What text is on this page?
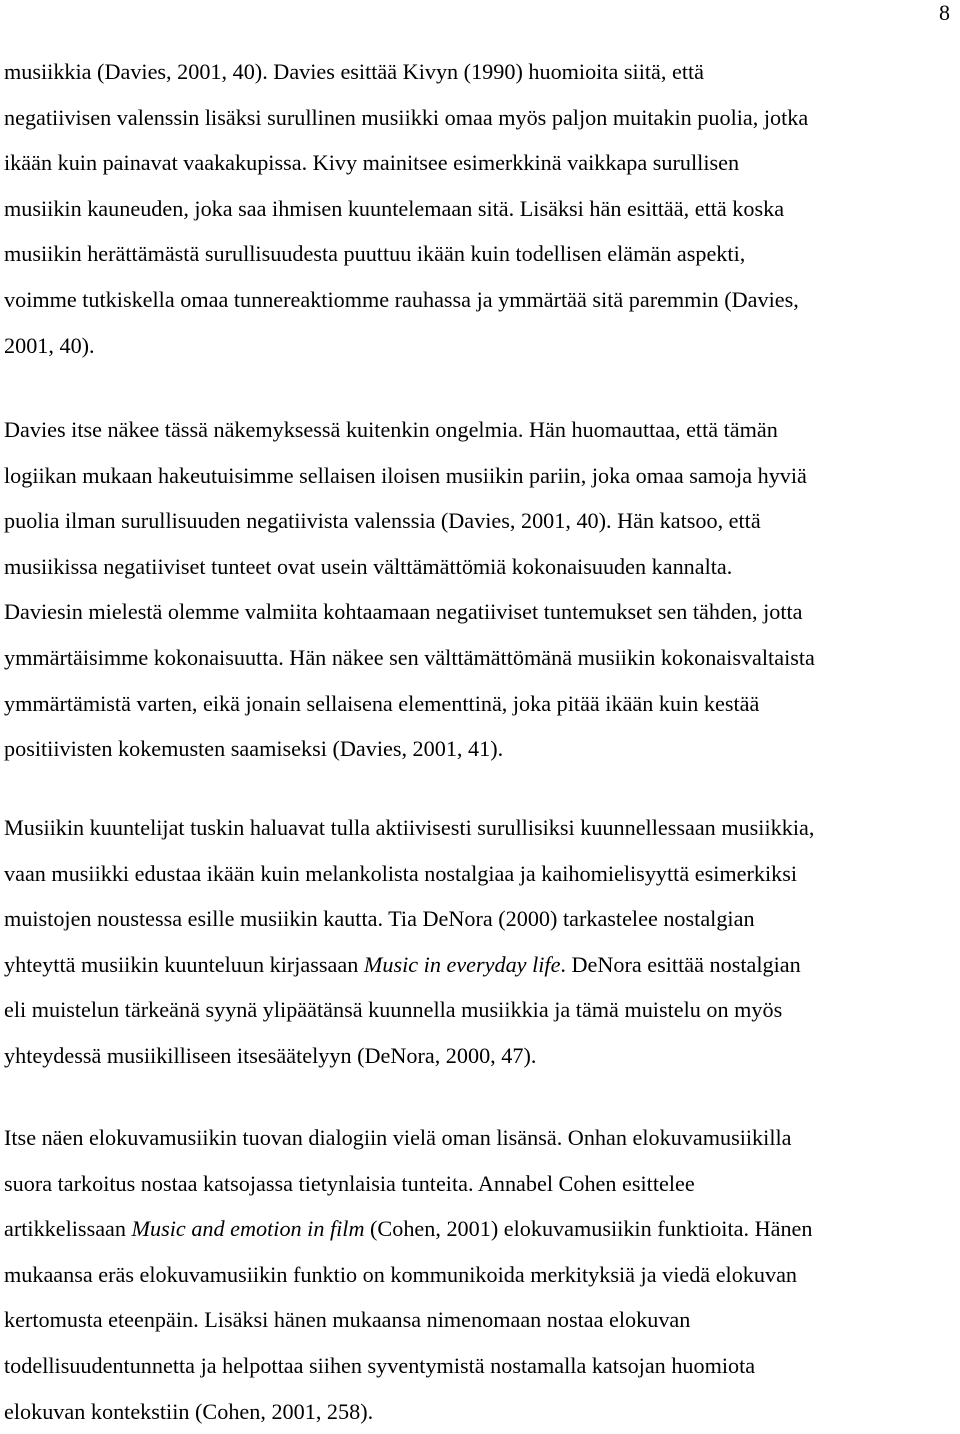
8
musiikkia (Davies, 2001, 40). Davies esittää Kivyn (1990) huomioita siitä, että
negatiivisen valenssin lisäksi surullinen musiikki omaa myös paljon muitakin puolia, jotka
ikään kuin painavat vaakakupissa. Kivy mainitsee esimerkkinä vaikkapa surullisen
musiikin kauneuden, joka saa ihmisen kuuntelemaan sitä. Lisäksi hän esittää, että koska
musiikin herättämästä surullisuudesta puuttuu ikään kuin todellisen elämän aspekti,
voimme tutkiskella omaa tunnereaktiomme rauhassa ja ymmärtää sitä paremmin (Davies,
2001, 40).
Davies itse näkee tässä näkemyksessä kuitenkin ongelmia. Hän huomauttaa, että tämän
logiikan mukaan hakeutuisimme sellaisen iloisen musiikin pariin, joka omaa samoja hyviä
puolia ilman surullisuuden negatiivista valenssia (Davies, 2001, 40). Hän katsoo, että
musiikissa negatiiviset tunteet ovat usein välttämättömiä kokonaisuuden kannalta.
Daviesin mielestä olemme valmiita kohtaamaan negatiiviset tuntemukset sen tähden, jotta
ymmärtäisimme kokonaisuutta. Hän näkee sen välttämättömänä musiikin kokonaisvaltaista
ymmärtämistä varten, eikä jonain sellaisena elementtinä, joka pitää ikään kuin kestää
positiivisten kokemusten saamiseksi (Davies, 2001, 41).
Musiikin kuuntelijat tuskin haluavat tulla aktiivisesti surullisiksi kuunnellessaan musiikkia,
vaan musiikki edustaa ikään kuin melankolista nostalgiaa ja kaihomielisyyttä esimerkiksi
muistojen noustessa esille musiikin kautta. Tia DeNora (2000) tarkastelee nostalgian
yhteyttä musiikin kuunteluun kirjassaan Music in everyday life. DeNora esittää nostalgian
eli muistelun tärkeänä syynä ylipäätänsä kuunnella musiikkia ja tämä muistelu on myös
yhteydessä musiikilliseen itsesäätelyyn (DeNora, 2000, 47).
Itse näen elokuvamusiikin tuovan dialogiin vielä oman lisänsä. Onhan elokuvamusiikilla
suora tarkoitus nostaa katsojassa tietynlaisia tunteita. Annabel Cohen esittelee
artikkelissaan Music and emotion in film (Cohen, 2001) elokuvamusiikin funktioita. Hänen
mukaansa eräs elokuvamusiikin funktio on kommunikoida merkityksiä ja viedä elokuvan
kertomusta eteenpäin. Lisäksi hänen mukaansa nimenomaan nostaa elokuvan
todellisuudentunnetta ja helpottaa siihen syventymistä nostamalla katsojan huomiota
elokuvan kontekstiin (Cohen, 2001, 258).
